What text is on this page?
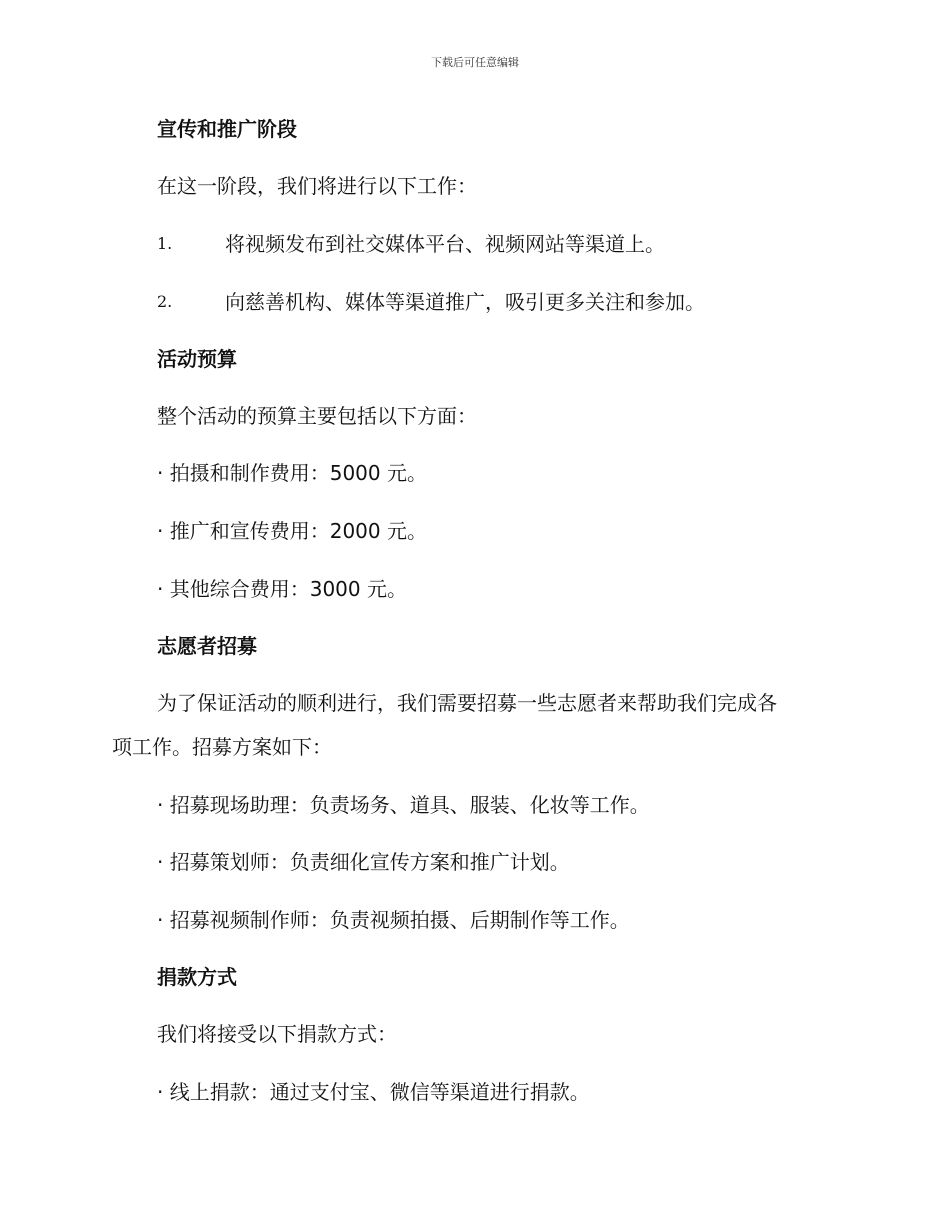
下载后可任意编辑
宣传和推广阶段
在这一阶段，我们将进行以下工作：
1.	将视频发布到社交媒体平台、视频网站等渠道上。
2.	向慈善机构、媒体等渠道推广，吸引更多关注和参加。
活动预算
整个活动的预算主要包括以下方面：
· 拍摄和制作费用：5000 元。
· 推广和宣传费用：2000 元。
· 其他综合费用：3000 元。
志愿者招募
为了保证活动的顺利进行，我们需要招募一些志愿者来帮助我们完成各
项工作。招募方案如下：
· 招募现场助理：负责场务、道具、服装、化妆等工作。
· 招募策划师：负责细化宣传方案和推广计划。
· 招募视频制作师：负责视频拍摄、后期制作等工作。
捐款方式
我们将接受以下捐款方式：
· 线上捐款：通过支付宝、微信等渠道进行捐款。
